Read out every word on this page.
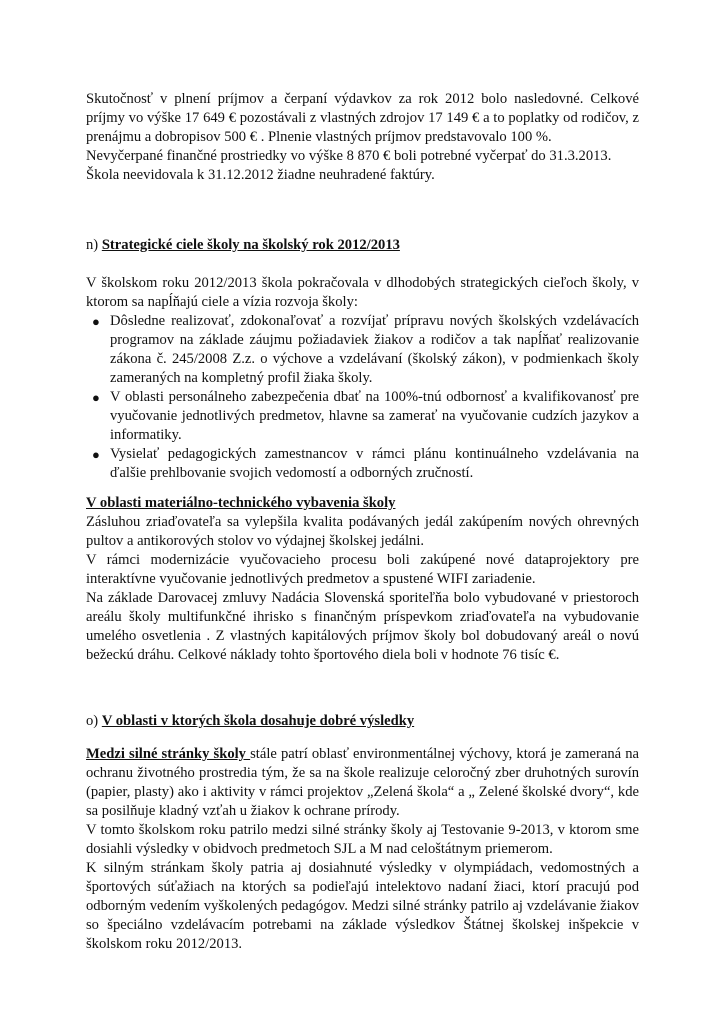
Skutočnosť v plnení príjmov a čerpaní výdavkov za rok 2012 bolo nasledovné. Celkové príjmy vo výške 17 649 € pozostávali z vlastných zdrojov 17 149 € a to poplatky od rodičov, z prenájmu a dobropisov 500 € . Plnenie vlastných príjmov predstavovalo 100 %.

Nevyčerpané finančné prostriedky vo výške 8 870 € boli potrebné vyčerpať do 31.3.2013.

Škola neevidovala k 31.12.2012 žiadne neuhradené faktúry.

n) Strategické ciele školy na školský rok 2012/2013

V školskom roku 2012/2013 škola pokračovala v dlhodobých strategických cieľoch školy, v ktorom sa napĺňajú ciele a vízia rozvoja školy:

● Dôsledne realizovať, zdokonaľovať a rozvíjať prípravu nových školských vzdelávacích programov na základe záujmu požiadaviek žiakov a rodičov a tak napĺňať realizovanie zákona č. 245/2008 Z.z. o výchove a vzdelávaní (školský zákon), v podmienkach školy zameraných na kompletný profil žiaka školy.
● V oblasti personálneho zabezpečenia dbať na 100%-tnú odbornosť a kvalifikovanosť pre vyučovanie jednotlivých predmetov, hlavne sa zamerať na vyučovanie cudzích jazykov a informatiky.
● Vysielať pedagogických zamestnancov v rámci plánu kontinuálneho vzdelávania na ďalšie prehlbovanie svojich vedomostí a odborných zručností.

V oblasti materiálno-technického vybavenia školy

Zásluhou zriaďovateľa sa vylepšila kvalita podávaných jedál zakúpením nových ohrevných pultov a antikorových stolov vo výdajnej školskej jedálni.

V rámci modernizácie vyučovacieho procesu boli zakúpené nové dataprojektory pre interaktívne vyučovanie jednotlivých predmetov a spustené WIFI zariadenie.

Na základe Darovacej zmluvy Nadácia Slovenská sporiteľňa bolo vybudované v priestoroch areálu školy multifunkčné ihrisko s finančným príspevkom zriaďovateľa na vybudovanie umelého osvetlenia . Z vlastných kapitálových príjmov školy bol dobudovaný areál o novú bežeckú dráhu. Celkové náklady tohto športového diela boli v hodnote 76 tisíc €.

o) V oblasti v ktorých škola dosahuje dobré výsledky

Medzi silné stránky školy stále patrí oblasť environmentálnej výchovy, ktorá je zameraná na ochranu životného prostredia tým, že sa na škole realizuje celoročný zber druhotných surovín (papier, plasty) ako i aktivity v rámci projektov „Zelená škola“ a „ Zelené školské dvory“, kde sa posilňuje kladný vzťah u žiakov k ochrane prírody.

V tomto školskom roku patrilo medzi silné stránky školy aj Testovanie 9-2013, v ktorom sme dosiahli výsledky v obidvoch predmetoch SJL a M nad celoštátnym priemerom.

K silným stránkam školy patria aj dosiahnuté výsledky v olympiádach, vedomostných a športových súťažiach na ktorých sa podieľajú intelektovo nadaní žiaci, ktorí pracujú pod odborným vedením vyškolených pedagógov. Medzi silné stránky patrilo aj vzdelávanie žiakov so špeciálno vzdelávacím potrebami na základe výsledkov Štátnej školskej inšpekcie v školskom roku 2012/2013.
